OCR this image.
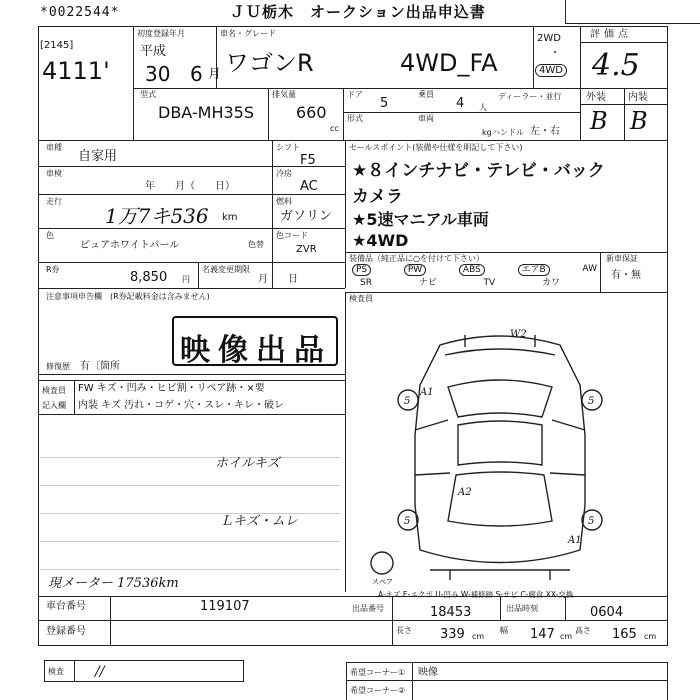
*0022544*	ＪＵ栃木　オークション出品申込書
[2145]
4111'
初度登録年月
平成
30 6 月
車名・グレード
ワゴンR	4WD_FA
2WD
・
4WD
評価点
4.5
外装 内装
B B
型式
DBA-MH35S
排気量
660
cc
ドア
5
乗員
4 人
ディーラー・並行
形式	車両
kg ハンドル 左・右
車種
自家用
車検
年　　月（　　日）
走行
1万7キ536 km
色
ピュアホワイトパール	色替
R券
8,850 円
名義変更期限
月　　日
シフト
F5
冷房
AC
燃料
ガソリン
色コード
ZVR
セールスポイント(装備や仕様を明記して下さい)
★８インチナビ・テレビ・バック
カメラ
★5速マニアル車両
★4WD
装備品（純正品に○を付けて下さい）	新車保証
有・無
PS	PW	ABS	エアB	AW
SR	ナビ	TV	カワ
検査員
注意事項申告欄　(R券記載料金は含みません)
映像出品
修復歴 有〔箇所
検査員
記入欄
FW キズ・凹み・ヒビ割・リペア跡・×要
内装 キズ 汚れ・コゲ・穴・スレ・キレ・破レ
ホイルキズ
Ｌキズ・ムレ
現メーター 17536km
W2
A1
A2
A1
5	5
5	5
スペア
A-キズ E-エクボ U-凹み W-補修跡 S-サビ C-腐食 XX-交換
車台番号	119107
登録番号
出品番号	18453	出品時刻	0604
長さ 339 cm
幅 147 cm
高さ 165 cm
検査 //	希望コーナー① 映像
希望コーナー②
